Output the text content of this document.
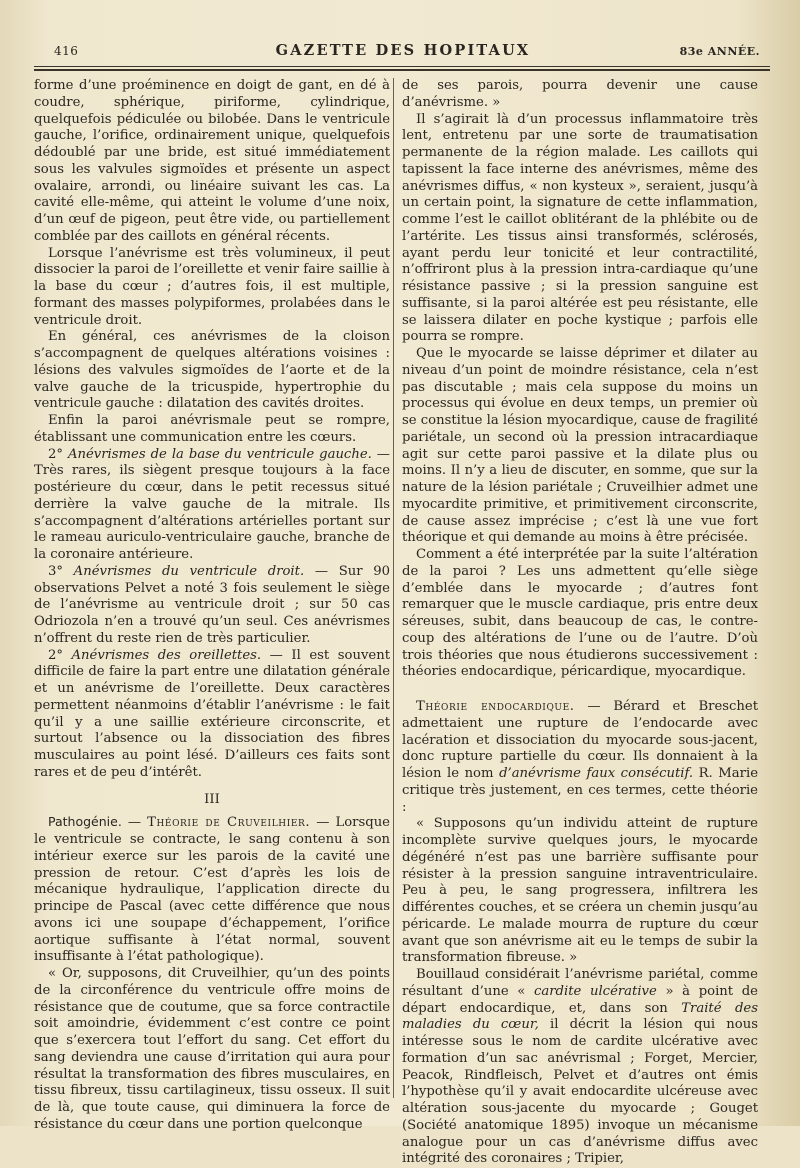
416	GAZETTE DES HOPITAUX	83e ANNÉE.

forme d’une proéminence en doigt de gant, en dé à coudre, sphérique, piriforme, cylindrique, quelquefois pédiculée ou bilobée. Dans le ventricule gauche, l’orifice, ordinairement unique, quelquefois dédoublé par une bride, est situé immédiatement sous les valvules sigmoïdes et présente un aspect ovalaire, arrondi, ou linéaire suivant les cas. La cavité elle-même, qui atteint le volume d’une noix, d’un œuf de pigeon, peut être vide, ou partiellement comblée par des caillots en général récents.

Lorsque l’anévrisme est très volumineux, il peut dissocier la paroi de l’oreillette et venir faire saillie à la base du cœur ; d’autres fois, il est multiple, formant des masses polypiformes, prolabées dans le ventricule droit.

En général, ces anévrismes de la cloison s’accompagnent de quelques altérations voisines : lésions des valvules sigmoïdes de l’aorte et de la valve gauche de la tricuspide, hypertrophie du ventricule gauche : dilatation des cavités droites.

Enfin la paroi anévrismale peut se rompre, établissant une communication entre les cœurs.

2° Anévrismes de la base du ventricule gauche. — Très rares, ils siègent presque toujours à la face postérieure du cœur, dans le petit recessus situé derrière la valve gauche de la mitrale. Ils s’accompagnent d’altérations artérielles portant sur le rameau auriculo-ventriculaire gauche, branche de la coronaire antérieure.

3° Anévrismes du ventricule droit. — Sur 90 observations Pelvet a noté 3 fois seulement le siège de l’anévrisme au ventricule droit ; sur 50 cas Odriozola n’en a trouvé qu’un seul. Ces anévrismes n’offrent du reste rien de très particulier.

2° Anévrismes des oreillettes. — Il est souvent difficile de faire la part entre une dilatation générale et un anévrisme de l’oreillette. Deux caractères permettent néanmoins d’établir l’anévrisme : le fait qu’il y a une saillie extérieure circonscrite, et surtout l’absence ou la dissociation des fibres musculaires au point lésé. D’ailleurs ces faits sont rares et de peu d’intérêt.

III

Pathogénie. — Théorie de Cruveilhier. — Lorsque le ventricule se contracte, le sang contenu à son intérieur exerce sur les parois de la cavité une pression de retour. C’est d’après les lois de mécanique hydraulique, l’application directe du principe de Pascal (avec cette différence que nous avons ici une soupape d’échappement, l’orifice aortique suffisante à l’état normal, souvent insuffisante à l’état pathologique).

« Or, supposons, dit Cruveilhier, qu’un des points de la circonférence du ventricule offre moins de résistance que de coutume, que sa force contractile soit amoindrie, évidemment c’est contre ce point que s’exercera tout l’effort du sang. Cet effort du sang deviendra une cause d’irritation qui aura pour résultat la transformation des fibres musculaires, en tissu fibreux, tissu cartilagineux, tissu osseux. Il suit de là, que toute cause, qui diminuera la force de résistance du cœur dans une portion quelconque

de ses parois, pourra devenir une cause d’anévrisme. »

Il s’agirait là d’un processus inflammatoire très lent, entretenu par une sorte de traumatisation permanente de la région malade. Les caillots qui tapissent la face interne des anévrismes, même des anévrismes diffus, « non kysteux », seraient, jusqu’à un certain point, la signature de cette inflammation, comme l’est le caillot oblitérant de la phlébite ou de l’artérite. Les tissus ainsi transformés, sclérosés, ayant perdu leur tonicité et leur contractilité, n’offriront plus à la pression intra-cardiaque qu’une résistance passive ; si la pression sanguine est suffisante, si la paroi altérée est peu résistante, elle se laissera dilater en poche kystique ; parfois elle pourra se rompre.

Que le myocarde se laisse déprimer et dilater au niveau d’un point de moindre résistance, cela n’est pas discutable ; mais cela suppose du moins un processus qui évolue en deux temps, un premier où se constitue la lésion myocardique, cause de fragilité pariétale, un second où la pression intracardiaque agit sur cette paroi passive et la dilate plus ou moins. Il n’y a lieu de discuter, en somme, que sur la nature de la lésion pariétale ; Cruveilhier admet une myocardite primitive, et primitivement circonscrite, de cause assez imprécise ; c’est là une vue fort théorique et qui demande au moins à être précisée.

Comment a été interprétée par la suite l’altération de la paroi ? Les uns admettent qu’elle siège d’emblée dans le myocarde ; d’autres font remarquer que le muscle cardiaque, pris entre deux séreuses, subit, dans beaucoup de cas, le contre-coup des altérations de l’une ou de l’autre. D’où trois théories que nous étudierons successivement : théories endocardique, péricardique, myocardique.

Théorie endocardique. — Bérard et Breschet admettaient une rupture de l’endocarde avec lacération et dissociation du myocarde sous-jacent, donc rupture partielle du cœur. Ils donnaient à la lésion le nom d’anévrisme faux consécutif. R. Marie critique très justement, en ces termes, cette théorie :

« Supposons qu’un individu atteint de rupture incomplète survive quelques jours, le myocarde dégénéré n’est pas une barrière suffisante pour résister à la pression sanguine intraventriculaire. Peu à peu, le sang progressera, infiltrera les différentes couches, et se créera un chemin jusqu’au péricarde. Le malade mourra de rupture du cœur avant que son anévrisme ait eu le temps de subir la transformation fibreuse. »

Bouillaud considérait l’anévrisme pariétal, comme résultant d’une « cardite ulcérative » à point de départ endocardique, et, dans son Traité des maladies du cœur, il décrit la lésion qui nous intéresse sous le nom de cardite ulcérative avec formation d’un sac anévrismal ; Forget, Mercier, Peacok, Rindfleisch, Pelvet et d’autres ont émis l’hypothèse qu’il y avait endocardite ulcéreuse avec altération sous-jacente du myocarde ; Gouget (Société anatomique 1895) invoque un mécanisme analogue pour un cas d’anévrisme diffus avec intégrité des coronaires ; Tripier,
